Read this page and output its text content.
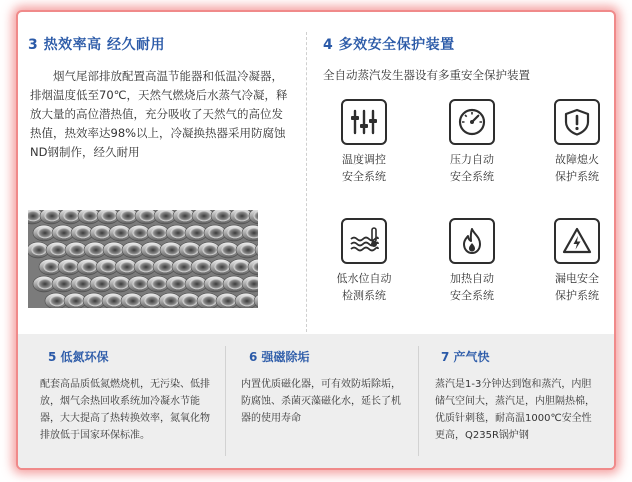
3 热效率高 经久耐用

烟气尾部排放配置高温节能器和低温冷凝器，排烟温度低至70℃，天然气燃烧后水蒸气冷凝，释放大量的高位潜热值，充分吸收了天然气的高位发热值，热效率达98%以上，冷凝换热器采用防腐蚀ND钢制作，经久耐用

4 多效安全保护装置
全自动蒸汽发生器设有多重安全保护装置
温度调控
安全系统
压力自动
安全系统
故障熄火
保护系统
低水位自动
检测系统
加热自动
安全系统
漏电安全
保护系统
5 低氮环保
配套高品质低氮燃烧机，无污染、低排放，烟气余热回收系统加冷凝水节能器，大大提高了热转换效率，氮氧化物排放低于国家环保标准。
6 强磁除垢
内置优质磁化器，可有效防垢除垢，防腐蚀、杀菌灭藻磁化水，延长了机器的使用寿命
7 产气快
蒸汽是1-3分钟达到饱和蒸汽，内胆储气空间大，蒸汽足，内胆隔热棉，优质针刺毯，耐高温1000℃安全性更高，Q235R锅炉钢
